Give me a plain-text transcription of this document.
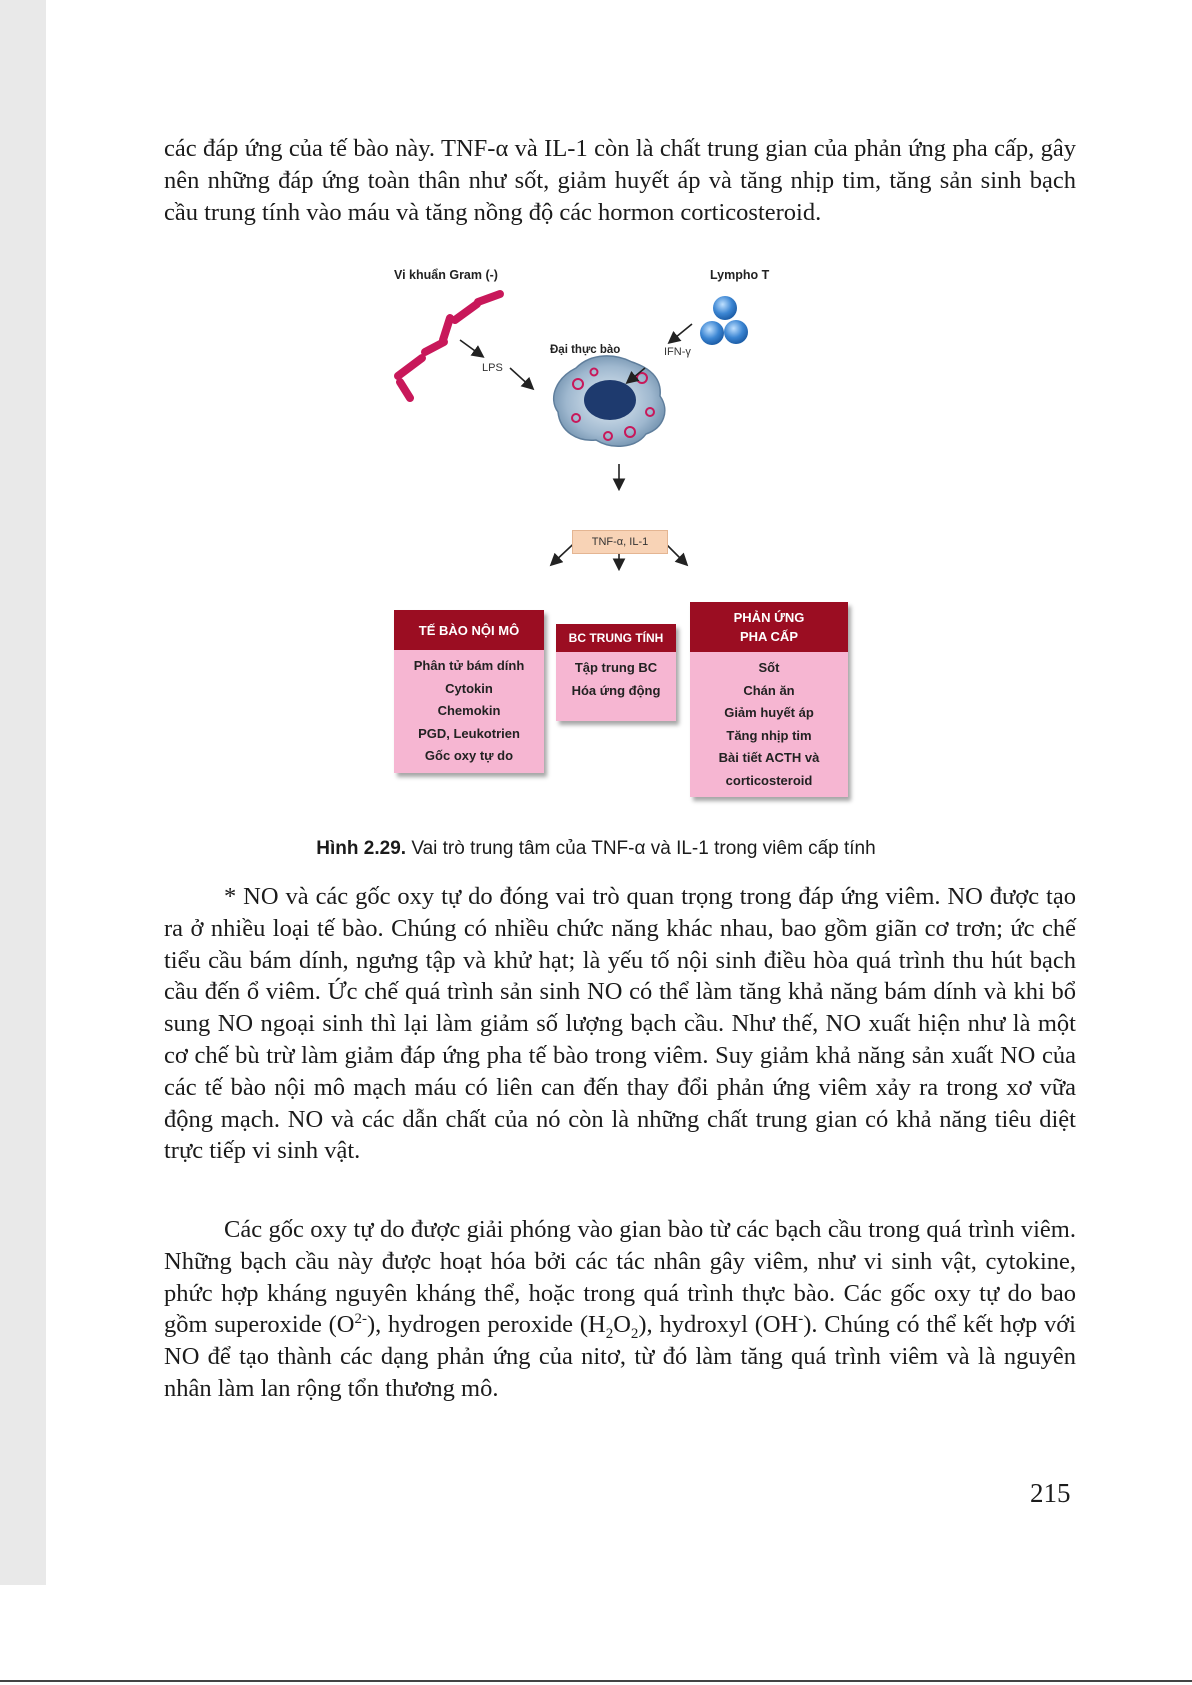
các đáp ứng của tế bào này. TNF-α và IL-1 còn là chất trung gian của phản ứng pha cấp, gây nên những đáp ứng toàn thân như sốt, giảm huyết áp và tăng nhịp tim, tăng sản sinh bạch cầu trung tính vào máu và tăng nồng độ các hormon corticosteroid.

Vi khuẩn Gram (-)	Lympho T
Đại thực bào
LPS
IFN-γ
TNF-α, IL-1
TẾ BÀO NỘI MÔ
Phân tử bám dính
Cytokin
Chemokin
PGD, Leukotrien
Gốc oxy tự do
BC TRUNG TÍNH
Tập trung BC
Hóa ứng động
PHẢN ỨNG
PHA CẤP
Sốt
Chán ăn
Giảm huyết áp
Tăng nhịp tim
Bài tiết ACTH và
corticosteroid
Hình 2.29. Vai trò trung tâm của TNF-α và IL-1 trong viêm cấp tính

* NO và các gốc oxy tự do đóng vai trò quan trọng trong đáp ứng viêm. NO được tạo ra ở nhiều loại tế bào. Chúng có nhiều chức năng khác nhau, bao gồm giãn cơ trơn; ức chế tiểu cầu bám dính, ngưng tập và khử hạt; là yếu tố nội sinh điều hòa quá trình thu hút bạch cầu đến ổ viêm. Ức chế quá trình sản sinh NO có thể làm tăng khả năng bám dính và khi bổ sung NO ngoại sinh thì lại làm giảm số lượng bạch cầu. Như thế, NO xuất hiện như là một cơ chế bù trừ làm giảm đáp ứng pha tế bào trong viêm. Suy giảm khả năng sản xuất NO của các tế bào nội mô mạch máu có liên can đến thay đổi phản ứng viêm xảy ra trong xơ vữa động mạch. NO và các dẫn chất của nó còn là những chất trung gian có khả năng tiêu diệt trực tiếp vi sinh vật.

Các gốc oxy tự do được giải phóng vào gian bào từ các bạch cầu trong quá trình viêm. Những bạch cầu này được hoạt hóa bởi các tác nhân gây viêm, như vi sinh vật, cytokine, phức hợp kháng nguyên kháng thể, hoặc trong quá trình thực bào. Các gốc oxy tự do bao gồm superoxide $(O^{2-})$, hydrogen peroxide $(H_2O_2)$, hydroxyl (OH-). Chúng có thể kết hợp với NO để tạo thành các dạng phản ứng của nitơ, từ đó làm tăng quá trình viêm và là nguyên nhân làm lan rộng tổn thương mô.

215
